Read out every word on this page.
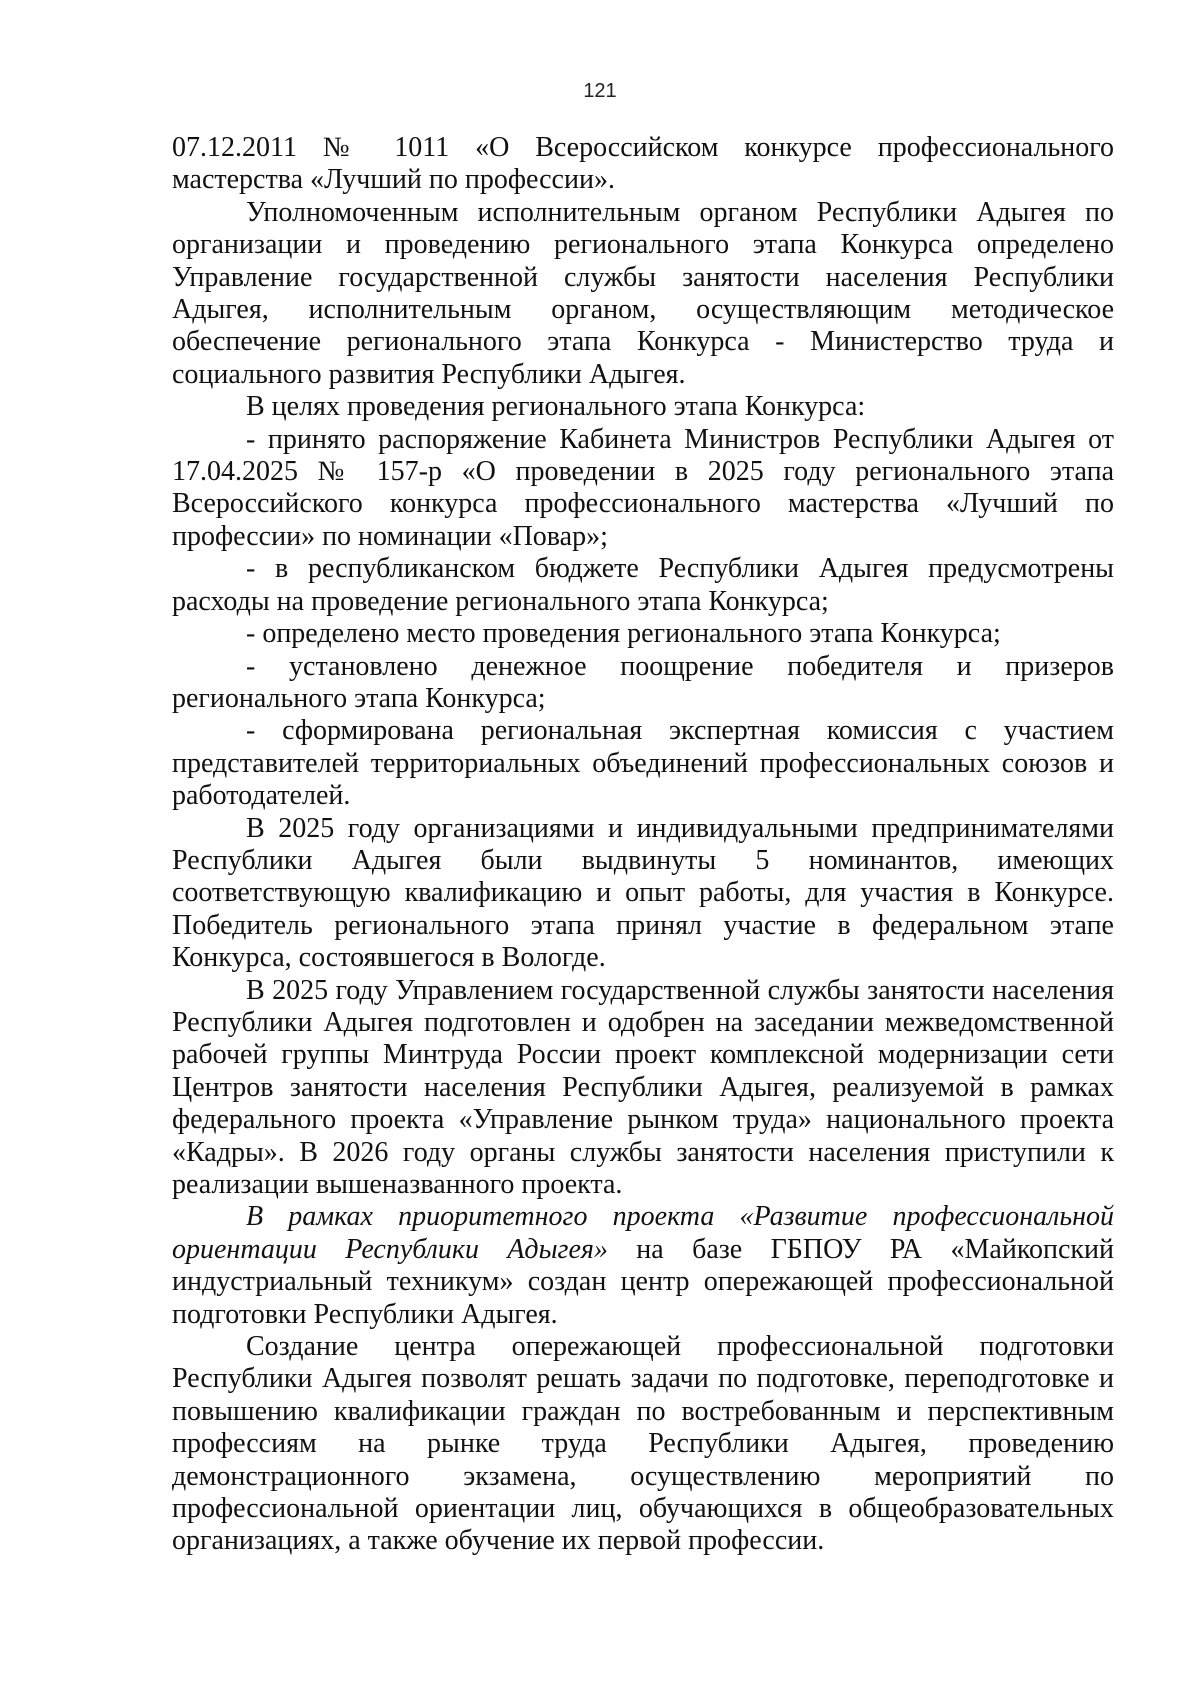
121

07.12.2011 № 1011 «О Всероссийском конкурсе профессионального мастерства «Лучший по профессии».

Уполномоченным исполнительным органом Республики Адыгея по организации и проведению регионального этапа Конкурса определено Управление государственной службы занятости населения Республики Адыгея, исполнительным органом, осуществляющим методическое обеспечение регионального этапа Конкурса - Министерство труда и социального развития Республики Адыгея.

В целях проведения регионального этапа Конкурса:

- принято распоряжение Кабинета Министров Республики Адыгея от 17.04.2025 № 157-р «О проведении в 2025 году регионального этапа Всероссийского конкурса профессионального мастерства «Лучший по профессии» по номинации «Повар»;

- в республиканском бюджете Республики Адыгея предусмотрены расходы на проведение регионального этапа Конкурса;

- определено место проведения регионального этапа Конкурса;

- установлено денежное поощрение победителя и призеров регионального этапа Конкурса;

- сформирована региональная экспертная комиссия с участием представителей территориальных объединений профессиональных союзов и работодателей.

В 2025 году организациями и индивидуальными предпринимателями Республики Адыгея были выдвинуты 5 номинантов, имеющих соответствующую квалификацию и опыт работы, для участия в Конкурсе. Победитель регионального этапа принял участие в федеральном этапе Конкурса, состоявшегося в Вологде.

В 2025 году Управлением государственной службы занятости населения Республики Адыгея подготовлен и одобрен на заседании межведомственной рабочей группы Минтруда России проект комплексной модернизации сети Центров занятости населения Республики Адыгея, реализуемой в рамках федерального проекта «Управление рынком труда» национального проекта «Кадры». В 2026 году органы службы занятости населения приступили к реализации вышеназванного проекта.

В рамках приоритетного проекта «Развитие профессиональной ориентации Республики Адыгея» на базе ГБПОУ РА «Майкопский индустриальный техникум» создан центр опережающей профессиональной подготовки Республики Адыгея.

Создание центра опережающей профессиональной подготовки Республики Адыгея позволят решать задачи по подготовке, переподготовке и повышению квалификации граждан по востребованным и перспективным профессиям на рынке труда Республики Адыгея, проведению демонстрационного экзамена, осуществлению мероприятий по профессиональной ориентации лиц, обучающихся в общеобразовательных организациях, а также обучение их первой профессии.
